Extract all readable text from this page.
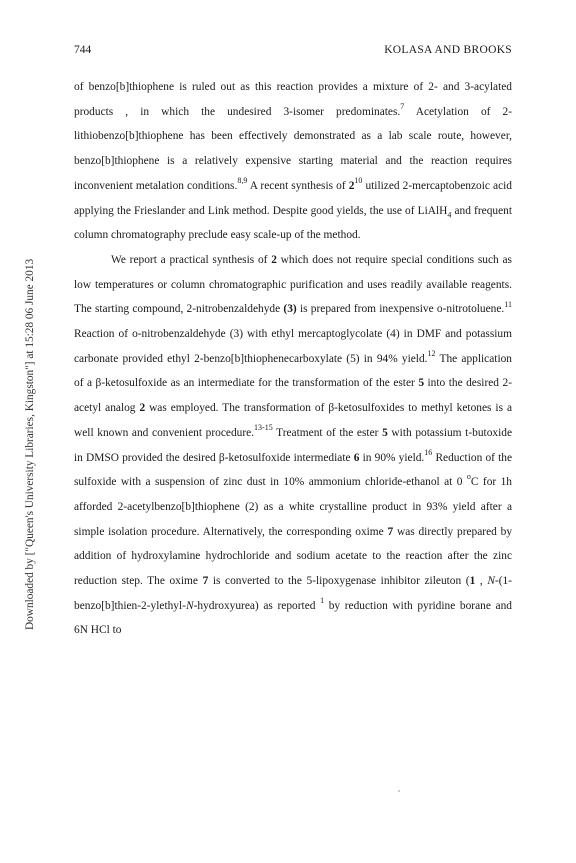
744	KOLASA AND BROOKS
Downloaded by ["Queen's University Libraries, Kingston"] at 15:28 06 June 2013

of benzo[b]thiophene is ruled out as this reaction provides a mixture of 2- and 3-acylated products , in which the undesired 3-isomer predominates.$^7$ Acetylation of 2-lithiobenzo[b]thiophene has been effectively demonstrated as a lab scale route, however, benzo[b]thiophene is a relatively expensive starting material and the reaction requires inconvenient metalation conditions.$^{8,9}$ A recent synthesis of $2^{10}$ utilized 2-mercaptobenzoic acid applying the Frieslander and Link method. Despite good yields, the use of LiAlH$_4$ and frequent column chromatography preclude easy scale-up of the method.

We report a practical synthesis of 2 which does not require special conditions such as low temperatures or column chromatographic purification and uses readily available reagents. The starting compound, 2-nitrobenzaldehyde (3) is prepared from inexpensive o-nitrotoluene.$^{11}$ Reaction of o-nitrobenzaldehyde (3) with ethyl mercaptoglycolate (4) in DMF and potassium carbonate provided ethyl 2-benzo[b]thiophenecarboxylate (5) in 94% yield.$^{12}$ The application of a β-ketosulfoxide as an intermediate for the transformation of the ester 5 into the desired 2-acetyl analog 2 was employed. The transformation of β-ketosulfoxides to methyl ketones is a well known and convenient procedure.$^{13-15}$ Treatment of the ester 5 with potassium t-butoxide in DMSO provided the desired β-ketosulfoxide intermediate 6 in 90% yield.$^{16}$ Reduction of the sulfoxide with a suspension of zinc dust in 10% ammonium chloride-ethanol at 0 $^o$C for 1h afforded 2-acetylbenzo[b]thiophene (2) as a white crystalline product in 93% yield after a simple isolation procedure. Alternatively, the corresponding oxime 7 was directly prepared by addition of hydroxylamine hydrochloride and sodium acetate to the reaction after the zinc reduction step. The oxime 7 is converted to the 5-lipoxygenase inhibitor zileuton (1 , N-(1-benzo[b]thien-2-ylethyl-N-hydroxyurea) as reported $^1$ by reduction with pyridine borane and 6N HCl to
